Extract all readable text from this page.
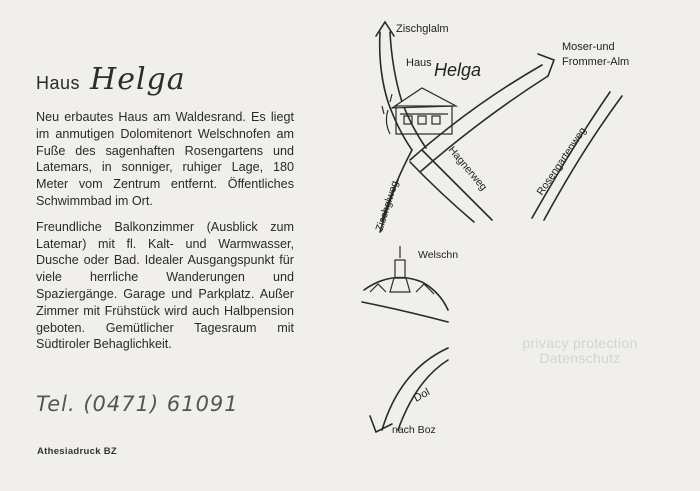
Haus Helga

Neu erbautes Haus am Waldesrand. Es liegt im anmutigen Dolomitenort Welschnofen am Fuße des sagenhaften Rosengartens und Latemars, in sonniger, ruhiger Lage, 180 Meter vom Zentrum entfernt. Öffentliches Schwimmbad im Ort.

Freundliche Balkonzimmer (Ausblick zum Latemar) mit fl. Kalt- und Warmwasser, Dusche oder Bad. Idealer Ausgangspunkt für viele herrliche Wanderungen und Spaziergänge. Garage und Parkplatz. Außer Zimmer mit Frühstück wird auch Halbpension geboten. Gemütlicher Tagesraum mit Südtiroler Behaglichkeit.

Tel. (0471) 61091
Athesiadruck BZ
Zischglalm
Moser-und
Frommer-Alm
Haus Helga
Hagnerweg
Zischglweg
Rosengartenweg
Welschn
Dol
nach Boz
privacy protection
Datenschutz
